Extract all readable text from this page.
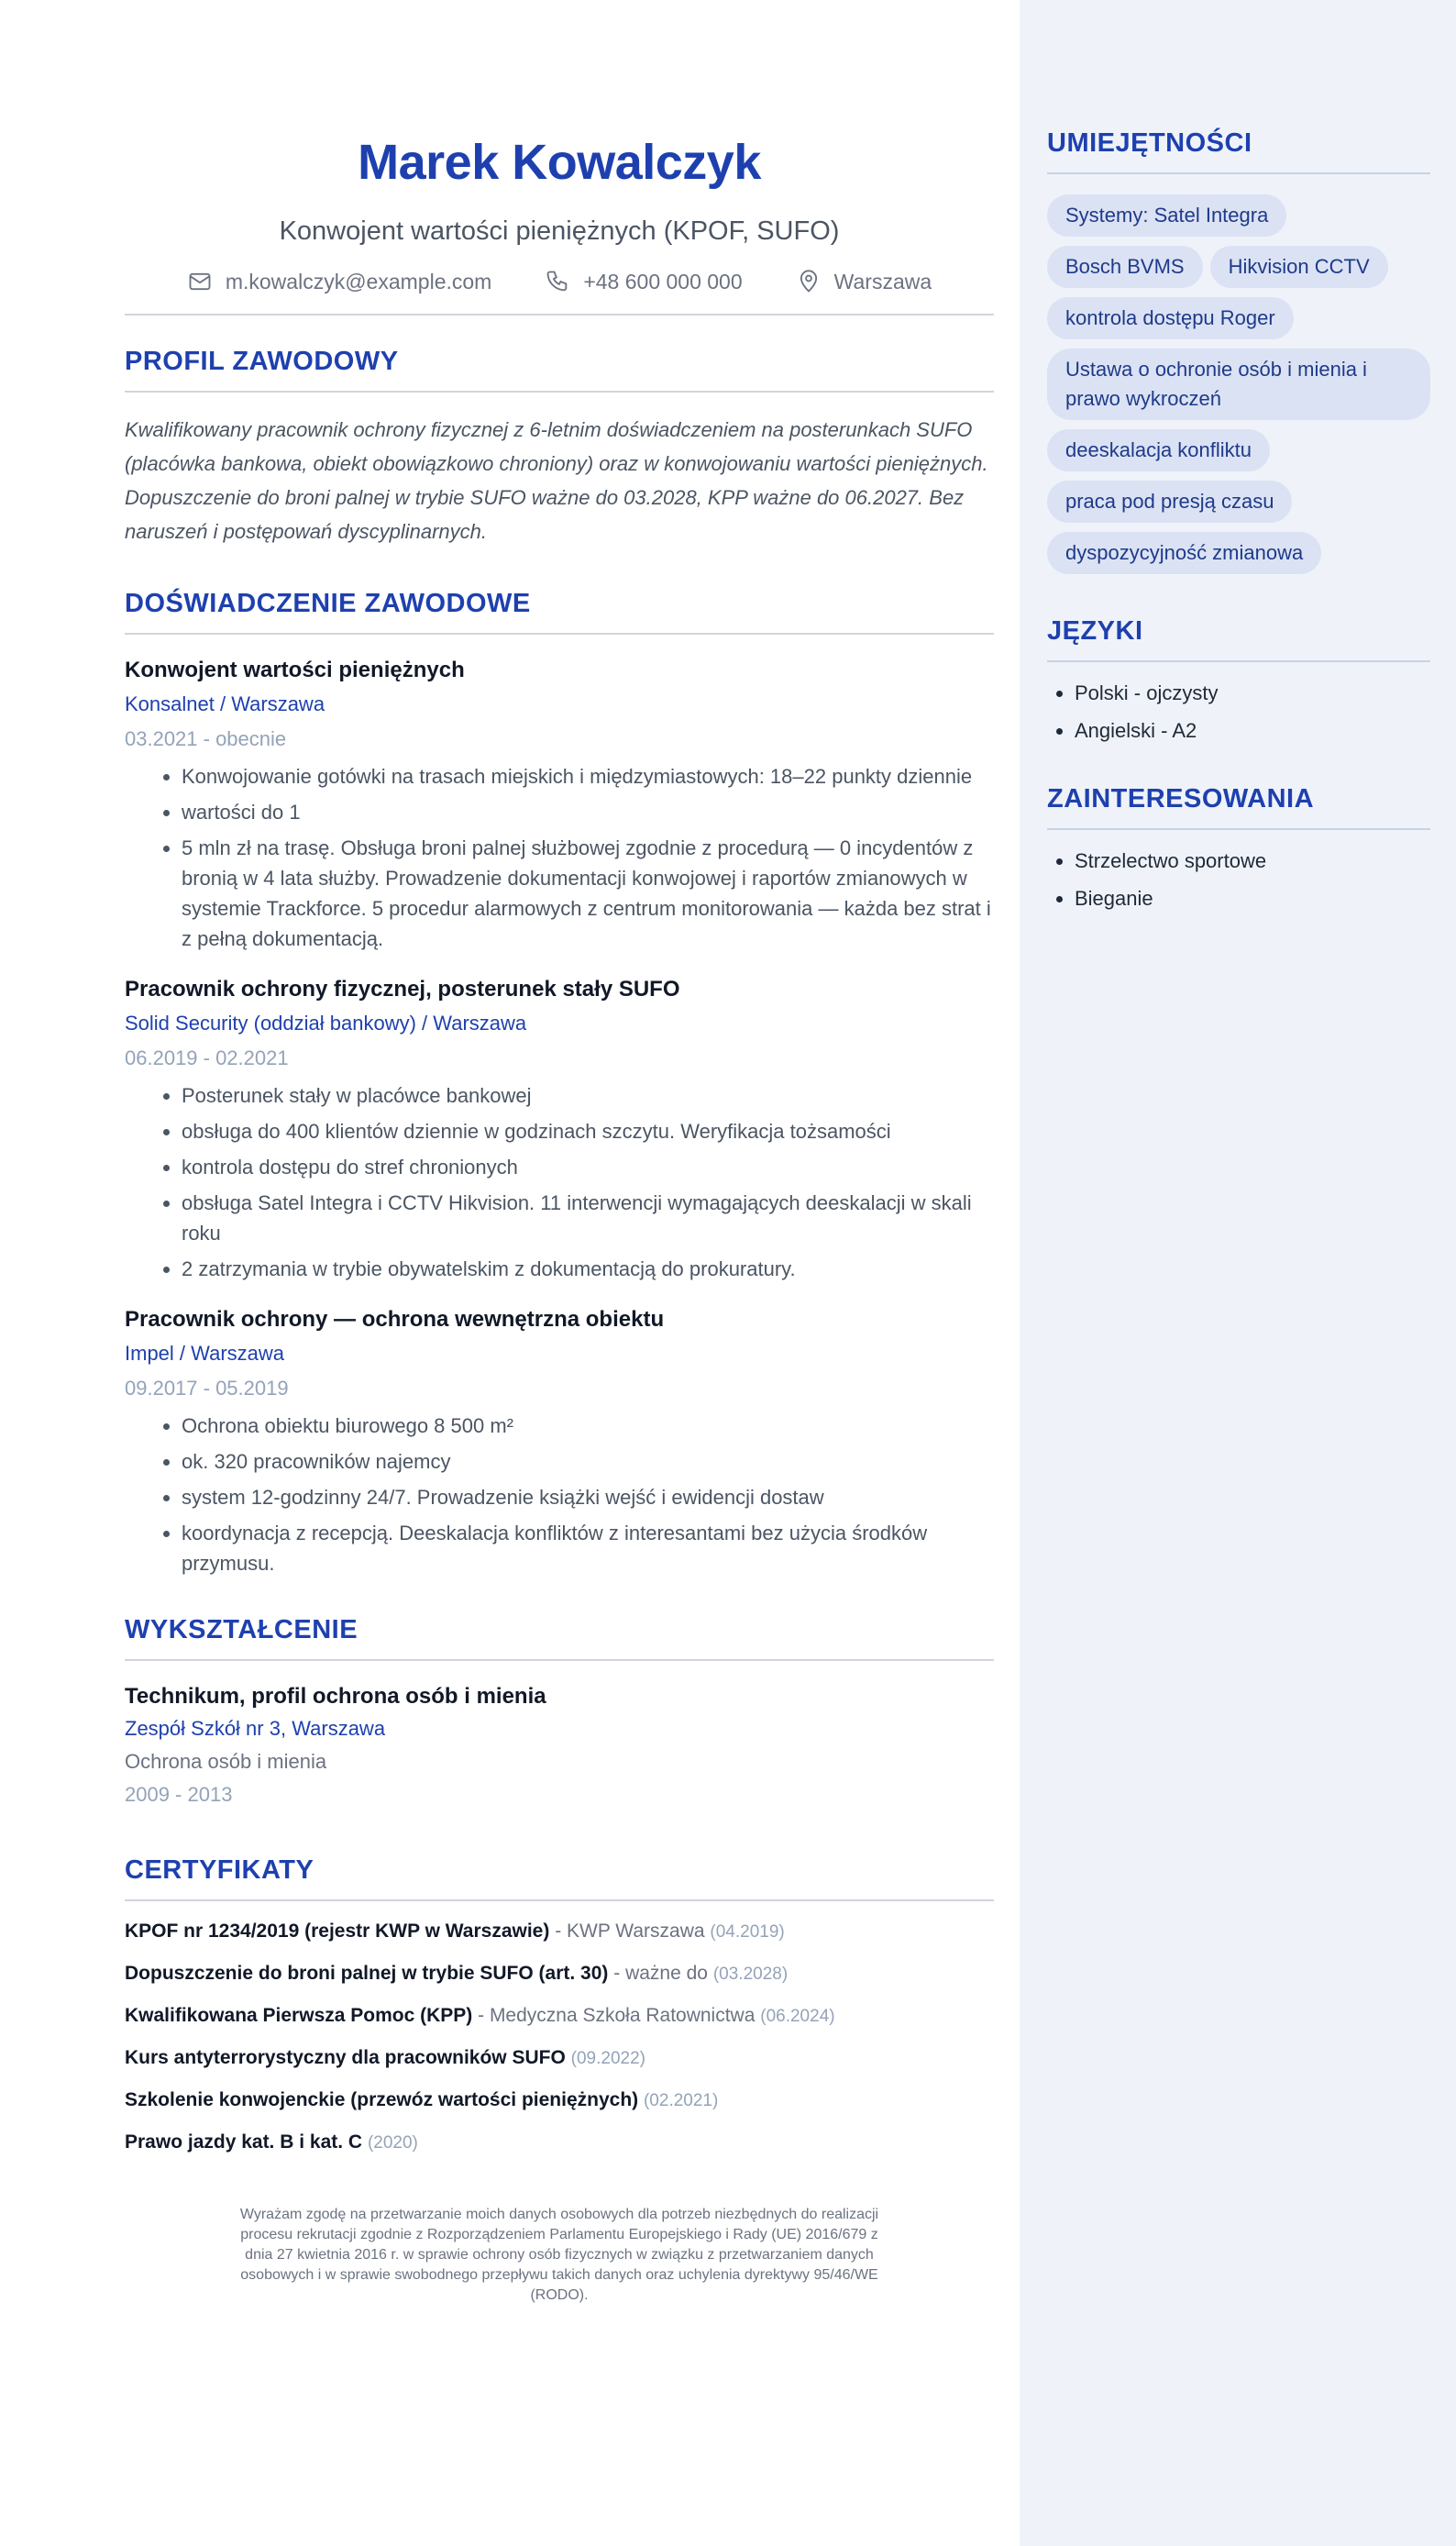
Marek Kowalczyk
Konwojent wartości pieniężnych (KPOF, SUFO)
m.kowalczyk@example.com	+48 600 000 000	Warszawa
PROFIL ZAWODOWY
Kwalifikowany pracownik ochrony fizycznej z 6-letnim doświadczeniem na posterunkach SUFO (placówka bankowa, obiekt obowiązkowo chroniony) oraz w konwojowaniu wartości pieniężnych. Dopuszczenie do broni palnej w trybie SUFO ważne do 03.2028, KPP ważne do 06.2027. Bez naruszeń i postępowań dyscyplinarnych.
DOŚWIADCZENIE ZAWODOWE
Konwojent wartości pieniężnych
Konsalnet / Warszawa
03.2021 - obecnie
• Konwojowanie gotówki na trasach miejskich i międzymiastowych: 18–22 punkty dziennie
• wartości do 1
• 5 mln zł na trasę. Obsługa broni palnej służbowej zgodnie z procedurą — 0 incydentów z bronią w 4 lata służby. Prowadzenie dokumentacji konwojowej i raportów zmianowych w systemie Trackforce. 5 procedur alarmowych z centrum monitorowania — każda bez strat i z pełną dokumentacją.
Pracownik ochrony fizycznej, posterunek stały SUFO
Solid Security (oddział bankowy) / Warszawa
06.2019 - 02.2021
• Posterunek stały w placówce bankowej
• obsługa do 400 klientów dziennie w godzinach szczytu. Weryfikacja tożsamości
• kontrola dostępu do stref chronionych
• obsługa Satel Integra i CCTV Hikvision. 11 interwencji wymagających deeskalacji w skali roku
• 2 zatrzymania w trybie obywatelskim z dokumentacją do prokuratury.
Pracownik ochrony — ochrona wewnętrzna obiektu
Impel / Warszawa
09.2017 - 05.2019
• Ochrona obiektu biurowego 8 500 m²
• ok. 320 pracowników najemcy
• system 12-godzinny 24/7. Prowadzenie książki wejść i ewidencji dostaw
• koordynacja z recepcją. Deeskalacja konfliktów z interesantami bez użycia środków przymusu.
WYKSZTAŁCENIE
Technikum, profil ochrona osób i mienia
Zespół Szkół nr 3, Warszawa
Ochrona osób i mienia
2009 - 2013
CERTYFIKATY
KPOF nr 1234/2019 (rejestr KWP w Warszawie) - KWP Warszawa (04.2019)
Dopuszczenie do broni palnej w trybie SUFO (art. 30) - ważne do (03.2028)
Kwalifikowana Pierwsza Pomoc (KPP) - Medyczna Szkoła Ratownictwa (06.2024)
Kurs antyterrorystyczny dla pracowników SUFO (09.2022)
Szkolenie konwojenckie (przewóz wartości pieniężnych) (02.2021)
Prawo jazdy kat. B i kat. C (2020)
Wyrażam zgodę na przetwarzanie moich danych osobowych dla potrzeb niezbędnych do realizacji procesu rekrutacji zgodnie z Rozporządzeniem Parlamentu Europejskiego i Rady (UE) 2016/679 z dnia 27 kwietnia 2016 r. w sprawie ochrony osób fizycznych w związku z przetwarzaniem danych osobowych i w sprawie swobodnego przepływu takich danych oraz uchylenia dyrektywy 95/46/WE (RODO).
UMIEJĘTNOŚCI
Systemy: Satel Integra
Bosch BVMS	Hikvision CCTV
kontrola dostępu Roger
Ustawa o ochronie osób i mienia i prawo wykroczeń
deeskalacja konfliktu
praca pod presją czasu
dyspozycyjność zmianowa
JĘZYKI
• Polski - ojczysty
• Angielski - A2
ZAINTERESOWANIA
• Strzelectwo sportowe
• Bieganie
